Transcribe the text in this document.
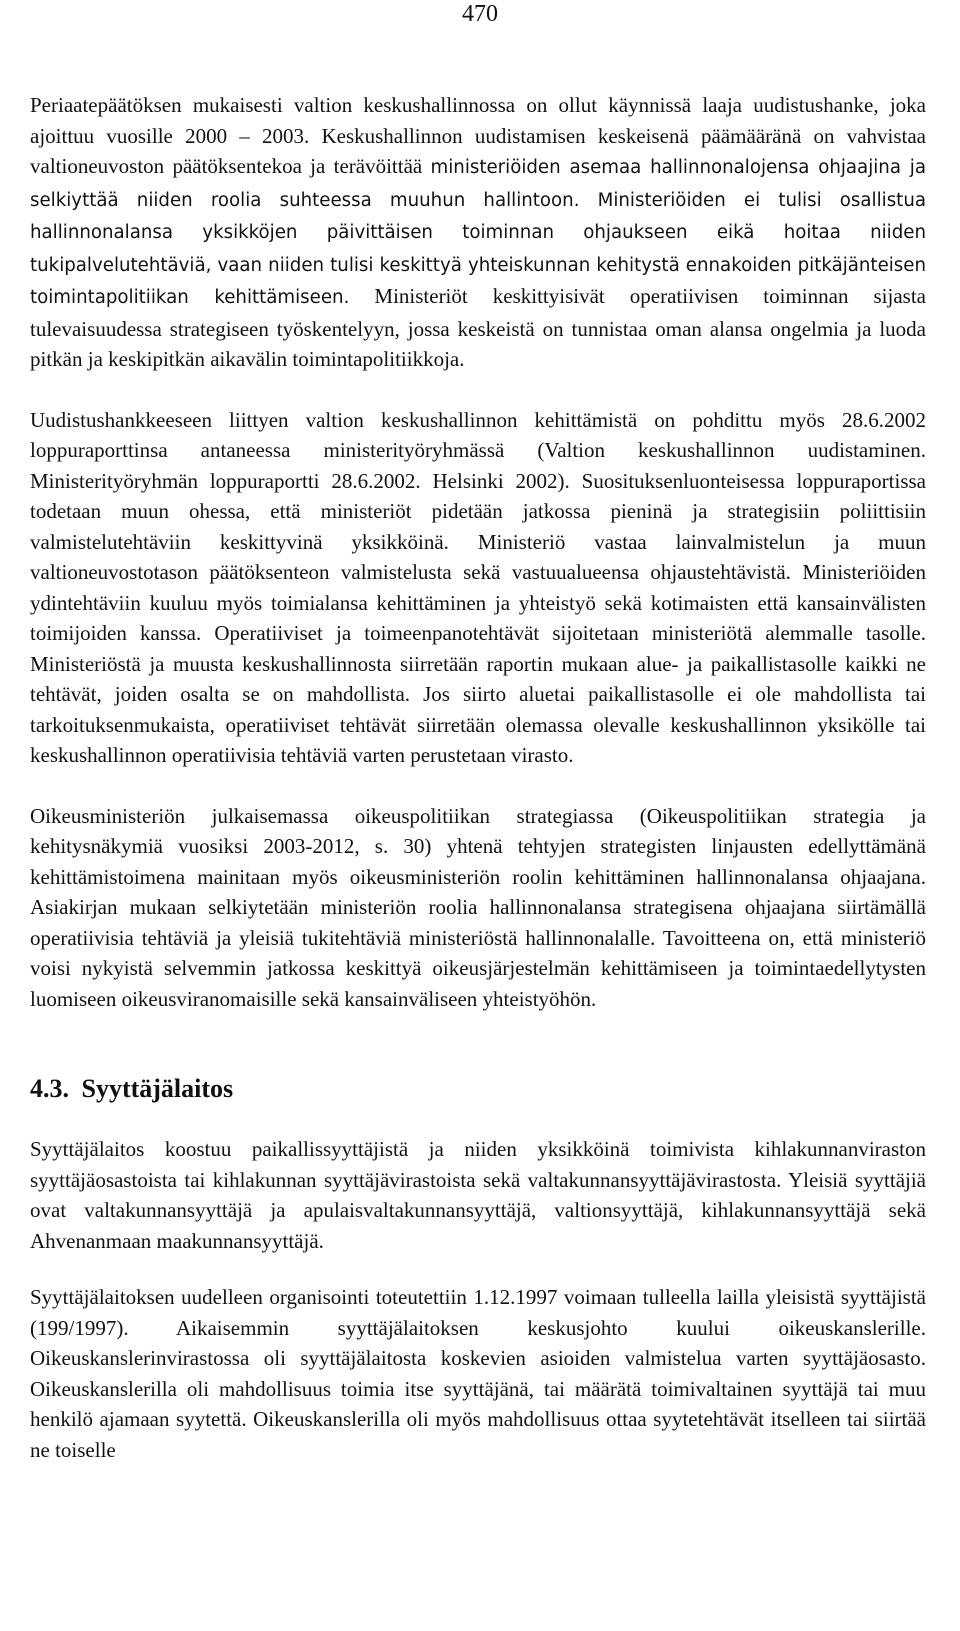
470

Periaatepäätöksen mukaisesti valtion keskushallinnossa on ollut käynnissä laaja uudistushanke, joka ajoittuu vuosille 2000 – 2003. Keskushallinnon uudistamisen keskeisenä päämääränä on vahvistaa valtioneuvoston päätöksentekoa ja terävöittää ministeriöiden asemaa hallinnonalojensa ohjaajina ja selkiyttää niiden roolia suhteessa muuhun hallintoon. Ministeriöiden ei tulisi osallistua hallinnonalansa yksikköjen päivittäisen toiminnan ohjaukseen eikä hoitaa niiden tukipalvelutehtäviä, vaan niiden tulisi keskittyä yhteiskunnan kehitystä ennakoiden pitkäjänteisen toimintapolitiikan kehittämiseen. Ministeriöt keskittyisivät operatiivisen toiminnan sijasta tulevaisuudessa strategiseen työskentelyyn, jossa keskeistä on tunnistaa oman alansa ongelmia ja luoda pitkän ja keskipitkän aikavälin toimintapolitiikkoja.

Uudistushankkeeseen liittyen valtion keskushallinnon kehittämistä on pohdittu myös 28.6.2002 loppuraporttinsa antaneessa ministerityöryhmässä (Valtion keskushallinnon uudistaminen. Ministerityöryhmän loppuraportti 28.6.2002. Helsinki 2002). Suosituksenluonteisessa loppuraportissa todetaan muun ohessa, että ministeriöt pidetään jatkossa pieninä ja strategisiin poliittisiin valmistelutehtäviin keskittyvinä yksikköinä. Ministeriö vastaa lainvalmistelun ja muun valtioneuvostotason päätöksenteon valmistelusta sekä vastuualueensa ohjaustehtävistä. Ministeriöiden ydintehtäviin kuuluu myös toimialansa kehittäminen ja yhteistyö sekä kotimaisten että kansainvälisten toimijoiden kanssa. Operatiiviset ja toimeenpanotehtävät sijoitetaan ministeriötä alemmalle tasolle. Ministeriöstä ja muusta keskushallinnosta siirretään raportin mukaan alue- ja paikallistasolle kaikki ne tehtävät, joiden osalta se on mahdollista. Jos siirto aluetai paikallistasolle ei ole mahdollista tai tarkoituksenmukaista, operatiiviset tehtävät siirretään olemassa olevalle keskushallinnon yksikölle tai keskushallinnon operatiivisia tehtäviä varten perustetaan virasto.

Oikeusministeriön julkaisemassa oikeuspolitiikan strategiassa (Oikeuspolitiikan strategia ja kehitysnäkymiä vuosiksi 2003-2012, s. 30) yhtenä tehtyjen strategisten linjausten edellyttämänä kehittämistoimena mainitaan myös oikeusministeriön roolin kehittäminen hallinnonalansa ohjaajana. Asiakirjan mukaan selkiytetään ministeriön roolia hallinnonalansa strategisena ohjaajana siirtämällä operatiivisia tehtäviä ja yleisiä tukitehtäviä ministeriöstä hallinnonalalle. Tavoitteena on, että ministeriö voisi nykyistä selvemmin jatkossa keskittyä oikeusjärjestelmän kehittämiseen ja toimintaedellytysten luomiseen oikeusviranomaisille sekä kansainväliseen yhteistyöhön.

4.3. Syyttäjälaitos

Syyttäjälaitos koostuu paikallissyyttäjistä ja niiden yksikköinä toimivista kihlakunnanviraston syyttäjäosastoista tai kihlakunnan syyttäjävirastoista sekä valtakunnansyyttäjävirastosta. Yleisiä syyttäjiä ovat valtakunnansyyttäjä ja apulaisvaltakunnansyyttäjä, valtionsyyttäjä, kihlakunnansyyttäjä sekä Ahvenanmaan maakunnansyyttäjä.

Syyttäjälaitoksen uudelleen organisointi toteutettiin 1.12.1997 voimaan tulleella lailla yleisistä syyttäjistä (199/1997). Aikaisemmin syyttäjälaitoksen keskusjohto kuului oikeuskanslerille. Oikeuskanslerinvirastossa oli syyttäjälaitosta koskevien asioiden valmistelua varten syyttäjäosasto. Oikeuskanslerilla oli mahdollisuus toimia itse syyttäjänä, tai määrätä toimivaltainen syyttäjä tai muu henkilö ajamaan syytettä. Oikeuskanslerilla oli myös mahdollisuus ottaa syytetehtävät itselleen tai siirtää ne toiselle
